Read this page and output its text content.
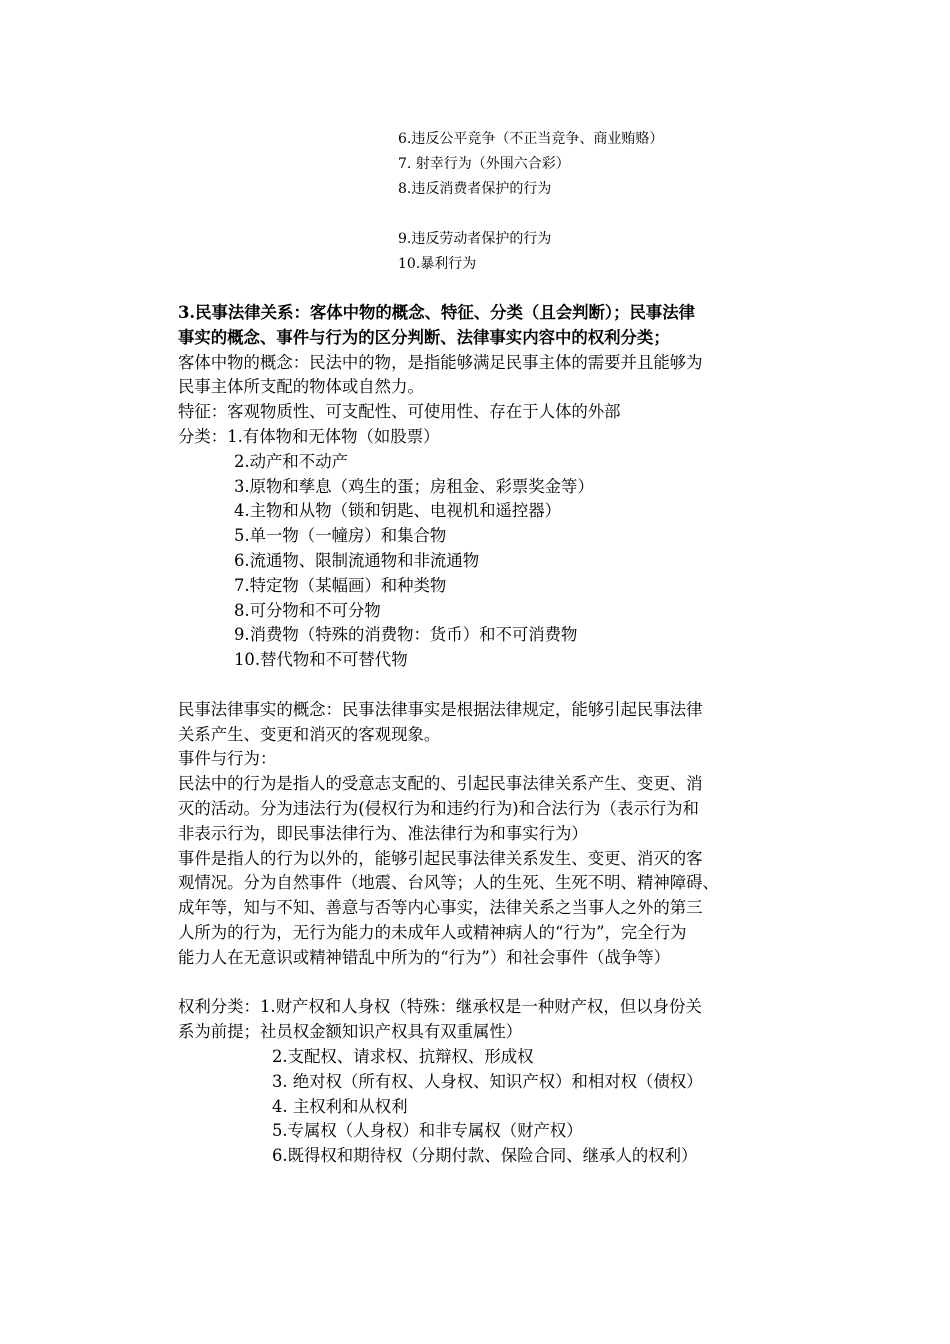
6.违反公平竞争（不正当竞争、商业贿赂）
7. 射幸行为（外围六合彩）
8.违反消费者保护的行为
9.违反劳动者保护的行为
10.暴利行为
3.民事法律关系：客体中物的概念、特征、分类（且会判断）；民事法律
事实的概念、事件与行为的区分判断、法律事实内容中的权利分类；
客体中物的概念：民法中的物，是指能够满足民事主体的需要并且能够为
民事主体所支配的物体或自然力。
特征：客观物质性、可支配性、可使用性、存在于人体的外部
分类：1.有体物和无体物（如股票）
2.动产和不动产
3.原物和孳息（鸡生的蛋；房租金、彩票奖金等）
4.主物和从物（锁和钥匙、电视机和遥控器）
5.单一物（一幢房）和集合物
6.流通物、限制流通物和非流通物
7.特定物（某幅画）和种类物
8.可分物和不可分物
9.消费物（特殊的消费物：货币）和不可消费物
10.替代物和不可替代物
民事法律事实的概念：民事法律事实是根据法律规定，能够引起民事法律
关系产生、变更和消灭的客观现象。
事件与行为：
民法中的行为是指人的受意志支配的、引起民事法律关系产生、变更、消
灭的活动。分为违法行为(侵权行为和违约行为)和合法行为（表示行为和
非表示行为，即民事法律行为、准法律行为和事实行为）
事件是指人的行为以外的，能够引起民事法律关系发生、变更、消灭的客
观情况。分为自然事件（地震、台风等；人的生死、生死不明、精神障碍、
成年等，知与不知、善意与否等内心事实，法律关系之当事人之外的第三
人所为的行为，无行为能力的未成年人或精神病人的“行为”，完全行为
能力人在无意识或精神错乱中所为的“行为”）和社会事件（战争等）
权利分类：1.财产权和人身权（特殊：继承权是一种财产权，但以身份关
系为前提；社员权金额知识产权具有双重属性）
2.支配权、请求权、抗辩权、形成权
3. 绝对权（所有权、人身权、知识产权）和相对权（债权）
4. 主权利和从权利
5.专属权（人身权）和非专属权（财产权）
6.既得权和期待权（分期付款、保险合同、继承人的权利）
